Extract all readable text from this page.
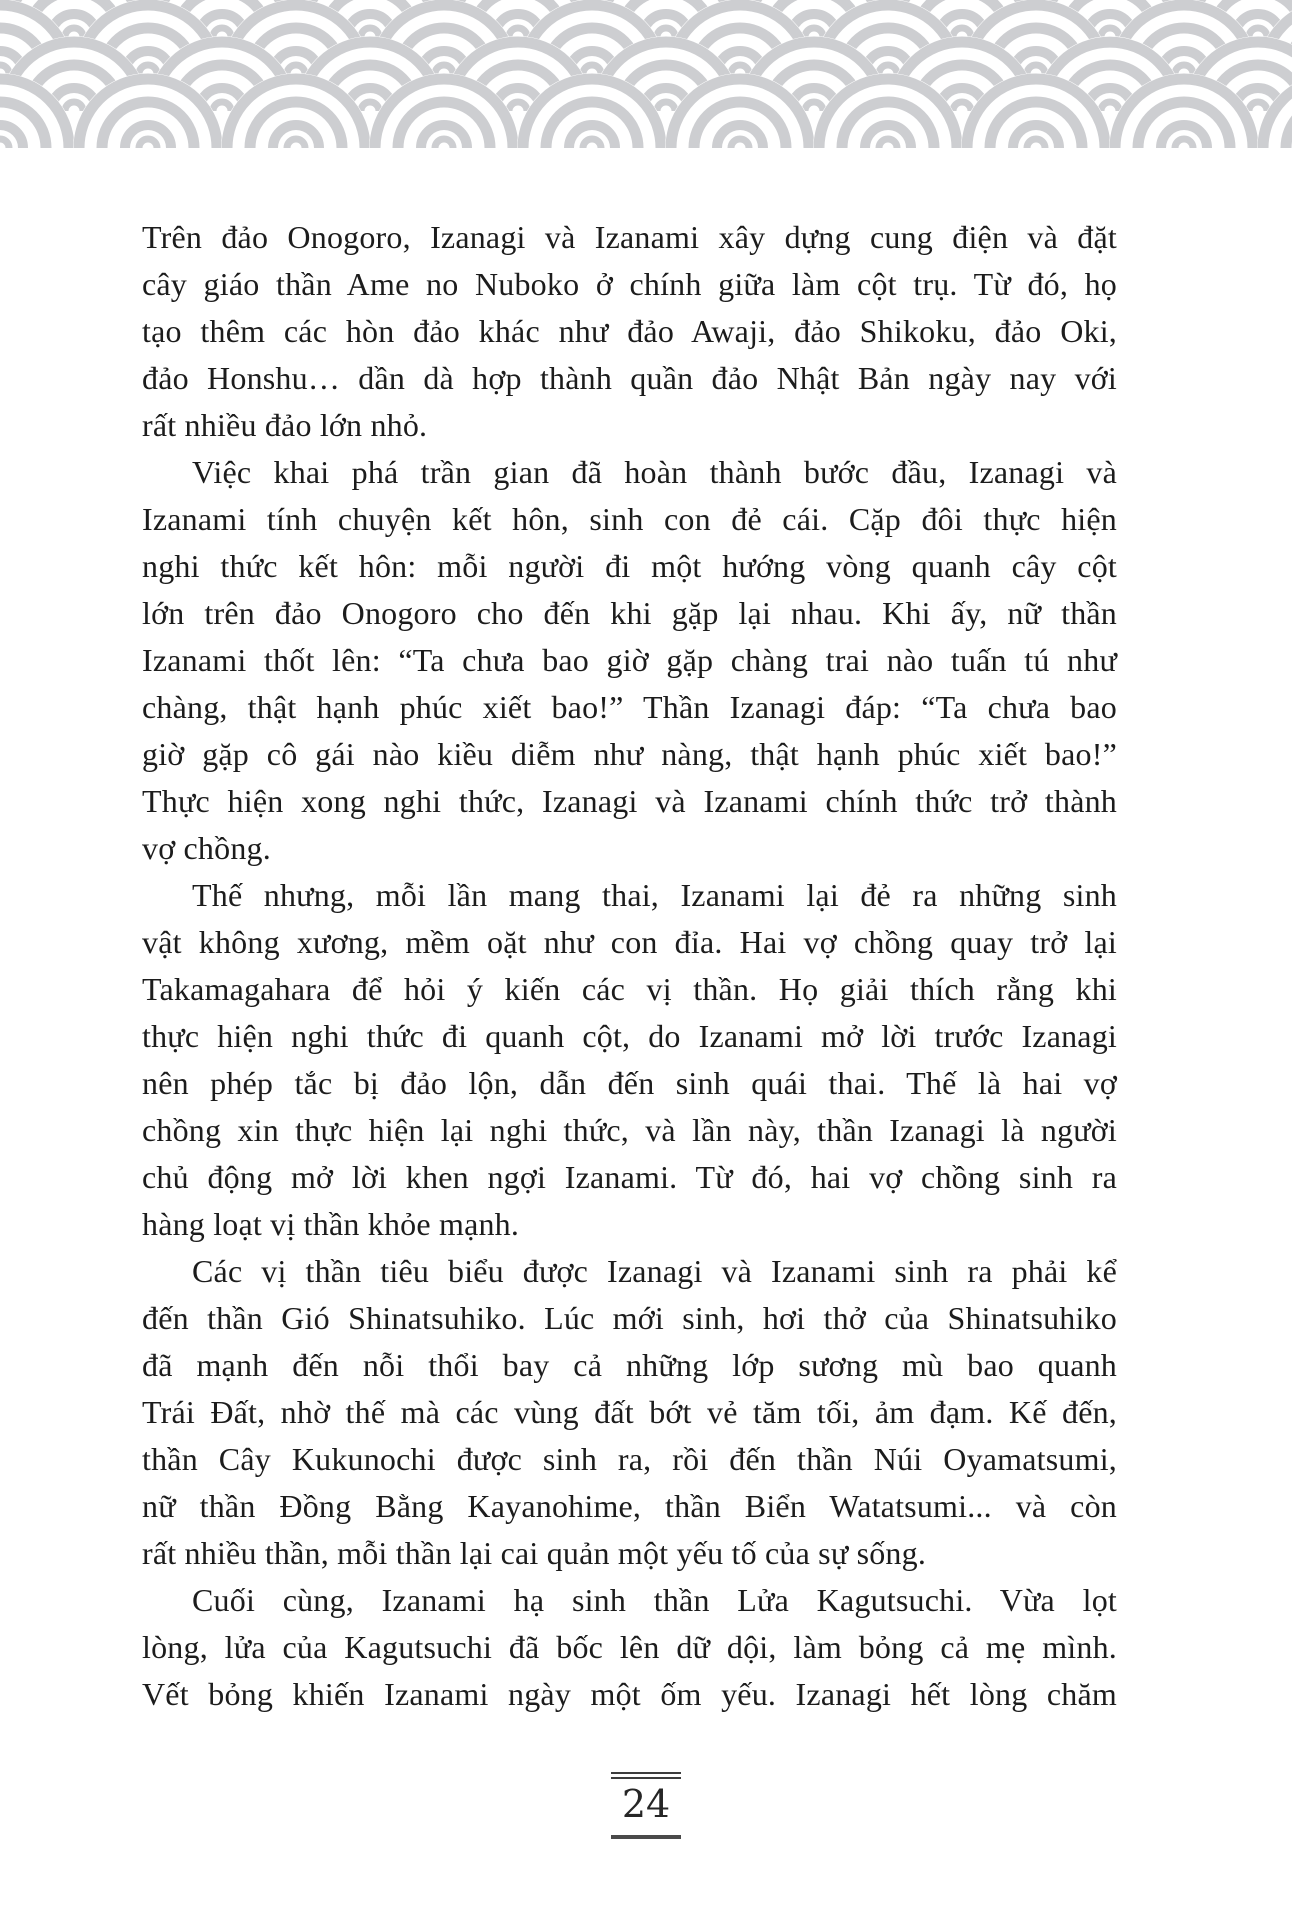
Trên đảo Onogoro, Izanagi và Izanami xây dựng cung điện và đặt
cây giáo thần Ame no Nuboko ở chính giữa làm cột trụ. Từ đó, họ
tạo thêm các hòn đảo khác như đảo Awaji, đảo Shikoku, đảo Oki,
đảo Honshu… dần dà hợp thành quần đảo Nhật Bản ngày nay với
rất nhiều đảo lớn nhỏ.
Việc khai phá trần gian đã hoàn thành bước đầu, Izanagi và
Izanami tính chuyện kết hôn, sinh con đẻ cái. Cặp đôi thực hiện
nghi thức kết hôn: mỗi người đi một hướng vòng quanh cây cột
lớn trên đảo Onogoro cho đến khi gặp lại nhau. Khi ấy, nữ thần
Izanami thốt lên: “Ta chưa bao giờ gặp chàng trai nào tuấn tú như
chàng, thật hạnh phúc xiết bao!” Thần Izanagi đáp: “Ta chưa bao
giờ gặp cô gái nào kiều diễm như nàng, thật hạnh phúc xiết bao!”
Thực hiện xong nghi thức, Izanagi và Izanami chính thức trở thành
vợ chồng.
Thế nhưng, mỗi lần mang thai, Izanami lại đẻ ra những sinh
vật không xương, mềm oặt như con đỉa. Hai vợ chồng quay trở lại
Takamagahara để hỏi ý kiến các vị thần. Họ giải thích rằng khi
thực hiện nghi thức đi quanh cột, do Izanami mở lời trước Izanagi
nên phép tắc bị đảo lộn, dẫn đến sinh quái thai. Thế là hai vợ
chồng xin thực hiện lại nghi thức, và lần này, thần Izanagi là người
chủ động mở lời khen ngợi Izanami. Từ đó, hai vợ chồng sinh ra
hàng loạt vị thần khỏe mạnh.
Các vị thần tiêu biểu được Izanagi và Izanami sinh ra phải kể
đến thần Gió Shinatsuhiko. Lúc mới sinh, hơi thở của Shinatsuhiko
đã mạnh đến nỗi thổi bay cả những lớp sương mù bao quanh
Trái Đất, nhờ thế mà các vùng đất bớt vẻ tăm tối, ảm đạm. Kế đến,
thần Cây Kukunochi được sinh ra, rồi đến thần Núi Oyamatsumi,
nữ thần Đồng Bằng Kayanohime, thần Biển Watatsumi... và còn
rất nhiều thần, mỗi thần lại cai quản một yếu tố của sự sống.
Cuối cùng, Izanami hạ sinh thần Lửa Kagutsuchi. Vừa lọt
lòng, lửa của Kagutsuchi đã bốc lên dữ dội, làm bỏng cả mẹ mình.
Vết bỏng khiến Izanami ngày một ốm yếu. Izanagi hết lòng chăm
24
